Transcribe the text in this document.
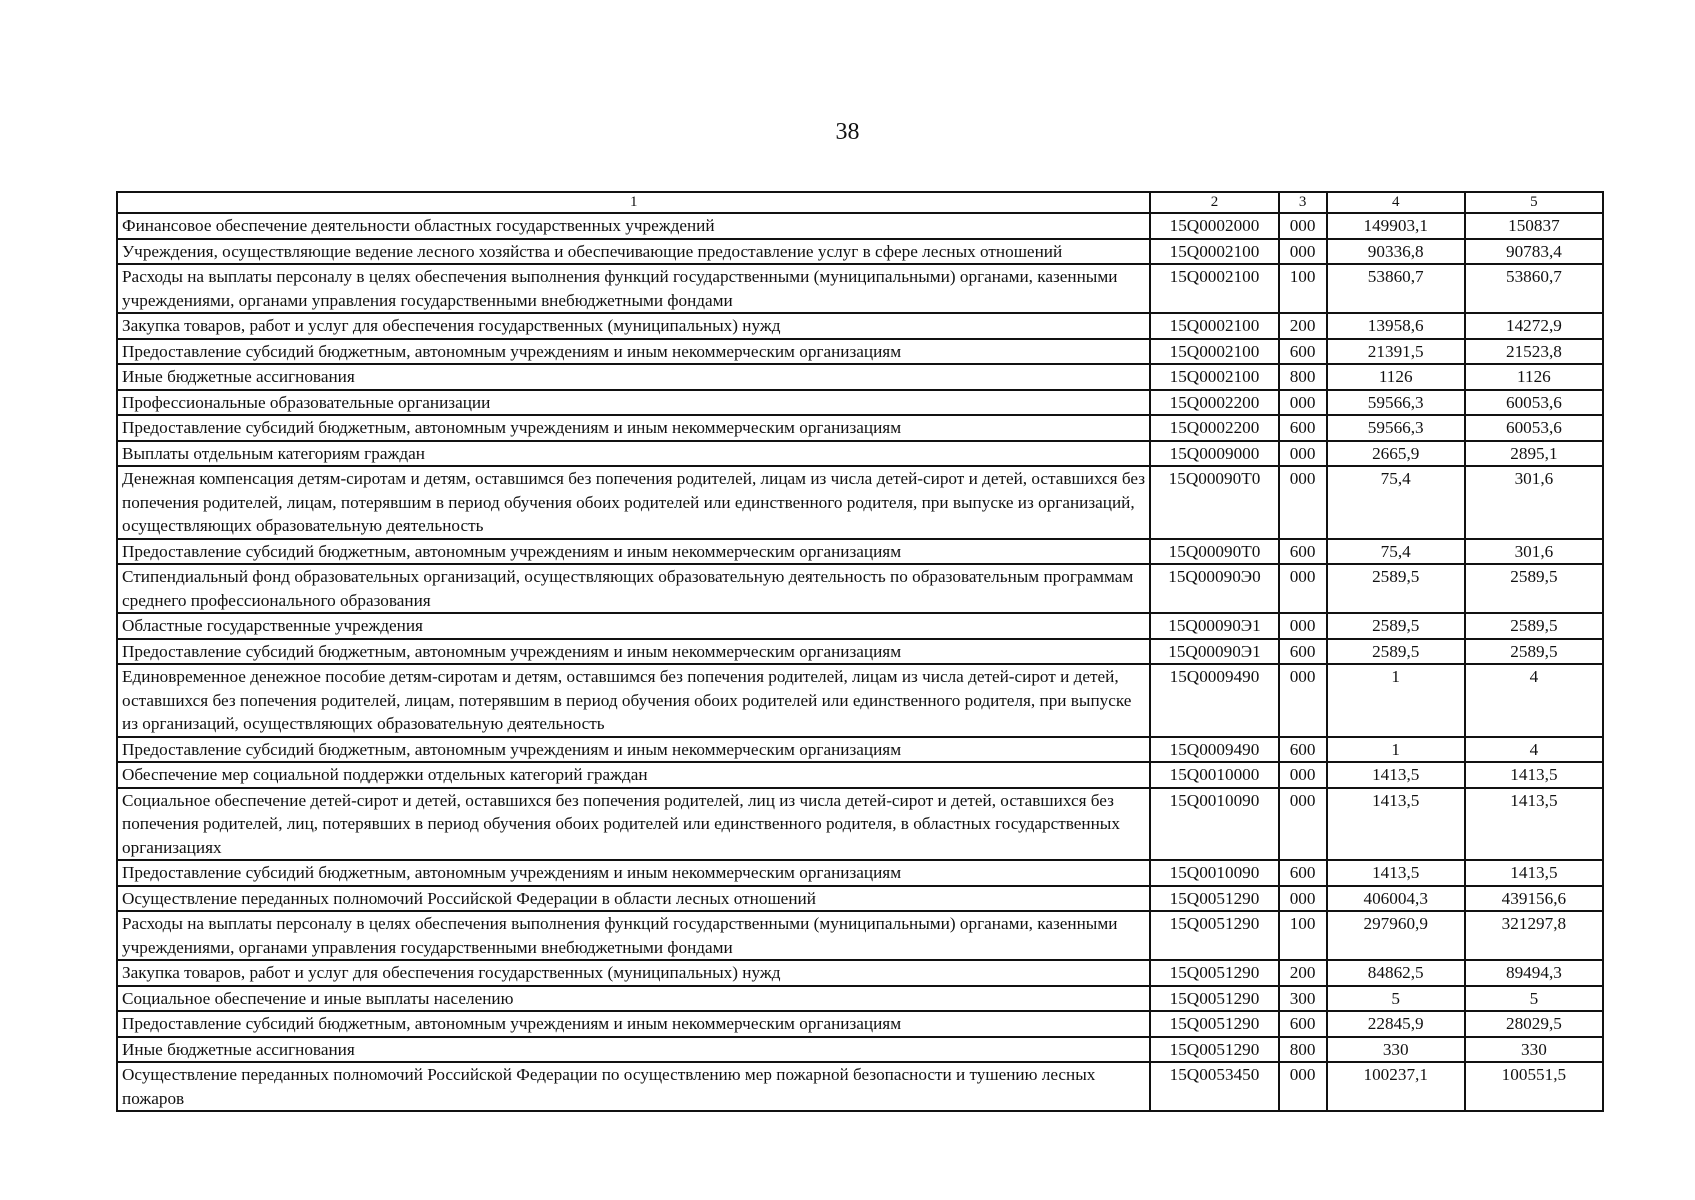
38
1	2	3	4	5
Финансовое обеспечение деятельности областных государственных учреждений	15Q0002000	000	149903,1	150837
Учреждения, осуществляющие ведение лесного хозяйства и обеспечивающие предоставление услуг в сфере лесных отношений	15Q0002100	000	90336,8	90783,4
Расходы на выплаты персоналу в целях обеспечения выполнения функций государственными (муниципальными) органами, казенными учреждениями, органами управления государственными внебюджетными фондами	15Q0002100	100	53860,7	53860,7
Закупка товаров, работ и услуг для обеспечения государственных (муниципальных) нужд	15Q0002100	200	13958,6	14272,9
Предоставление субсидий бюджетным, автономным учреждениям и иным некоммерческим организациям	15Q0002100	600	21391,5	21523,8
Иные бюджетные ассигнования	15Q0002100	800	1126	1126
Профессиональные образовательные организации	15Q0002200	000	59566,3	60053,6
Предоставление субсидий бюджетным, автономным учреждениям и иным некоммерческим организациям	15Q0002200	600	59566,3	60053,6
Выплаты отдельным категориям граждан	15Q0009000	000	2665,9	2895,1
Денежная компенсация детям-сиротам и детям, оставшимся без попечения родителей, лицам из числа детей-сирот и детей, оставшихся без попечения родителей, лицам, потерявшим в период обучения обоих родителей или единственного родителя, при выпуске из организаций, осуществляющих образовательную деятельность	15Q00090Т0	000	75,4	301,6
Предоставление субсидий бюджетным, автономным учреждениям и иным некоммерческим организациям	15Q00090Т0	600	75,4	301,6
Стипендиальный фонд образовательных организаций, осуществляющих образовательную деятельность по образовательным программам среднего профессионального образования	15Q00090Э0	000	2589,5	2589,5
Областные государственные учреждения	15Q00090Э1	000	2589,5	2589,5
Предоставление субсидий бюджетным, автономным учреждениям и иным некоммерческим организациям	15Q00090Э1	600	2589,5	2589,5
Единовременное денежное пособие детям-сиротам и детям, оставшимся без попечения родителей, лицам из числа детей-сирот и детей, оставшихся без попечения родителей, лицам, потерявшим в период обучения обоих родителей или единственного родителя, при выпуске из организаций, осуществляющих образовательную деятельность	15Q0009490	000	1	4
Предоставление субсидий бюджетным, автономным учреждениям и иным некоммерческим организациям	15Q0009490	600	1	4
Обеспечение мер социальной поддержки отдельных категорий граждан	15Q0010000	000	1413,5	1413,5
Социальное обеспечение детей-сирот и детей, оставшихся без попечения родителей, лиц из числа детей-сирот и детей, оставшихся без попечения родителей, лиц, потерявших в период обучения обоих родителей или единственного родителя, в областных государственных организациях	15Q0010090	000	1413,5	1413,5
Предоставление субсидий бюджетным, автономным учреждениям и иным некоммерческим организациям	15Q0010090	600	1413,5	1413,5
Осуществление переданных полномочий Российской Федерации в области лесных отношений	15Q0051290	000	406004,3	439156,6
Расходы на выплаты персоналу в целях обеспечения выполнения функций государственными (муниципальными) органами, казенными учреждениями, органами управления государственными внебюджетными фондами	15Q0051290	100	297960,9	321297,8
Закупка товаров, работ и услуг для обеспечения государственных (муниципальных) нужд	15Q0051290	200	84862,5	89494,3
Социальное обеспечение и иные выплаты населению	15Q0051290	300	5	5
Предоставление субсидий бюджетным, автономным учреждениям и иным некоммерческим организациям	15Q0051290	600	22845,9	28029,5
Иные бюджетные ассигнования	15Q0051290	800	330	330
Осуществление переданных полномочий Российской Федерации по осуществлению мер пожарной безопасности и тушению лесных пожаров	15Q0053450	000	100237,1	100551,5
